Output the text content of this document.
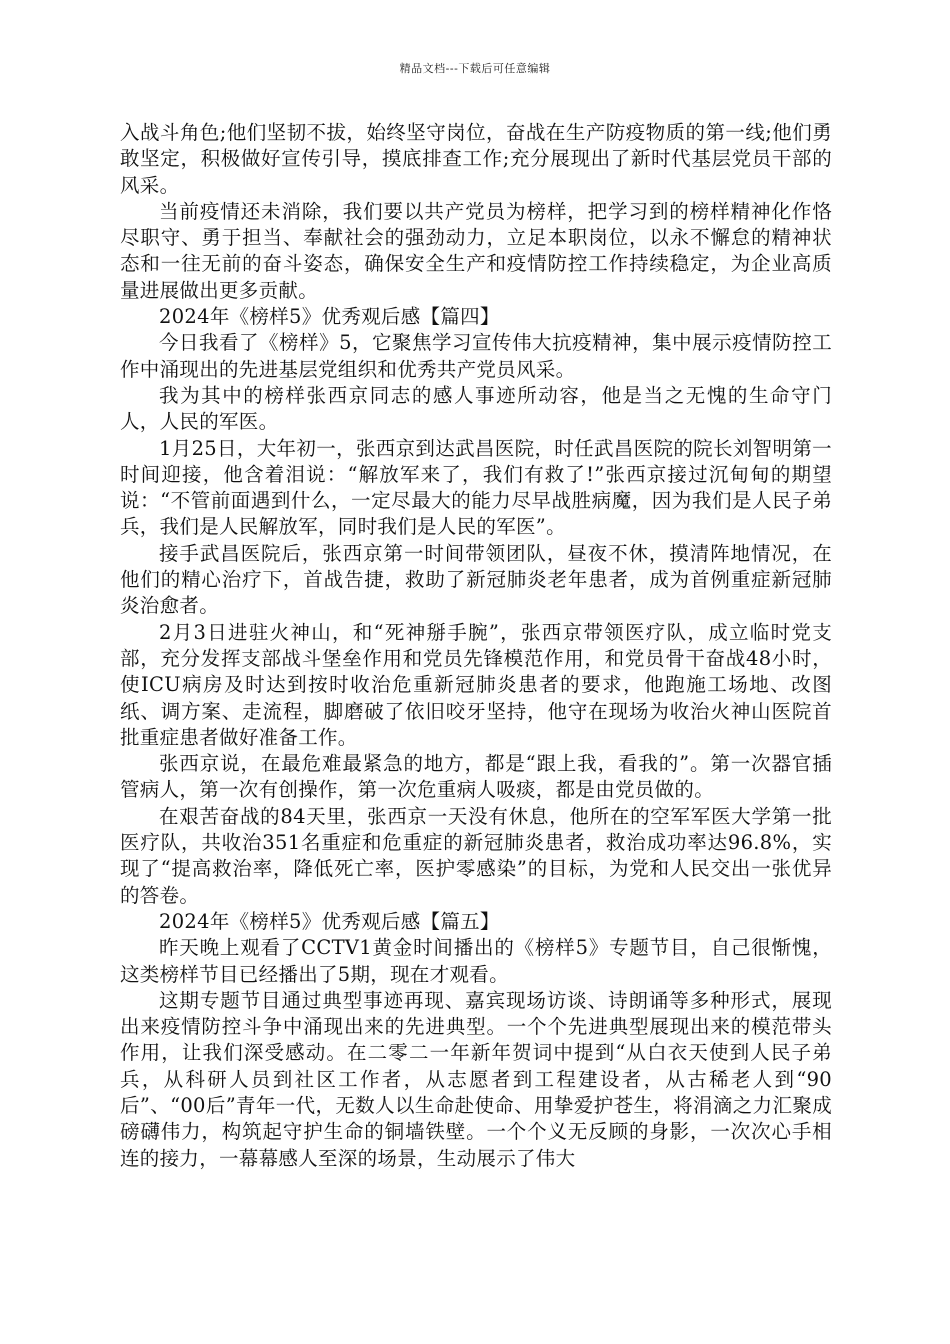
精品文档---下载后可任意编辑

入战斗角色;他们坚韧不拔，始终坚守岗位，奋战在生产防疫物质的第一线;他们勇敢坚定，积极做好宣传引导，摸底排查工作;充分展现出了新时代基层党员干部的风采。

当前疫情还未消除，我们要以共产党员为榜样，把学习到的榜样精神化作恪尽职守、勇于担当、奉献社会的强劲动力，立足本职岗位，以永不懈怠的精神状态和一往无前的奋斗姿态，确保安全生产和疫情防控工作持续稳定，为企业高质量进展做出更多贡献。

2024年《榜样5》优秀观后感【篇四】

今日我看了《榜样》5，它聚焦学习宣传伟大抗疫精神，集中展示疫情防控工作中涌现出的先进基层党组织和优秀共产党员风采。

我为其中的榜样张西京同志的感人事迹所动容，他是当之无愧的生命守门人，人民的军医。

1月25日，大年初一，张西京到达武昌医院，时任武昌医院的院长刘智明第一时间迎接，他含着泪说：“解放军来了，我们有救了!”张西京接过沉甸甸的期望说：“不管前面遇到什么，一定尽最大的能力尽早战胜病魔，因为我们是人民子弟兵，我们是人民解放军，同时我们是人民的军医”。

接手武昌医院后，张西京第一时间带领团队，昼夜不休，摸清阵地情况，在他们的精心治疗下，首战告捷，救助了新冠肺炎老年患者，成为首例重症新冠肺炎治愈者。

2月3日进驻火神山，和“死神掰手腕”，张西京带领医疗队，成立临时党支部，充分发挥支部战斗堡垒作用和党员先锋模范作用，和党员骨干奋战48小时，使ICU病房及时达到按时收治危重新冠肺炎患者的要求，他跑施工场地、改图纸、调方案、走流程，脚磨破了依旧咬牙坚持，他守在现场为收治火神山医院首批重症患者做好准备工作。

张西京说，在最危难最紧急的地方，都是“跟上我，看我的”。第一次器官插管病人，第一次有创操作，第一次危重病人吸痰，都是由党员做的。

在艰苦奋战的84天里，张西京一天没有休息，他所在的空军军医大学第一批医疗队，共收治351名重症和危重症的新冠肺炎患者，救治成功率达96.8%，实现了“提高救治率，降低死亡率，医护零感染”的目标，为党和人民交出一张优异的答卷。

2024年《榜样5》优秀观后感【篇五】

昨天晚上观看了CCTV1黄金时间播出的《榜样5》专题节目，自己很惭愧，这类榜样节目已经播出了5期，现在才观看。

这期专题节目通过典型事迹再现、嘉宾现场访谈、诗朗诵等多种形式，展现出来疫情防控斗争中涌现出来的先进典型。一个个先进典型展现出来的模范带头作用，让我们深受感动。在二零二一年新年贺词中提到“从白衣天使到人民子弟兵，从科研人员到社区工作者，从志愿者到工程建设者，从古稀老人到“90后”、“00后”青年一代，无数人以生命赴使命、用挚爱护苍生，将涓滴之力汇聚成磅礴伟力，构筑起守护生命的铜墙铁壁。一个个义无反顾的身影，一次次心手相连的接力，一幕幕感人至深的场景，生动展示了伟大
